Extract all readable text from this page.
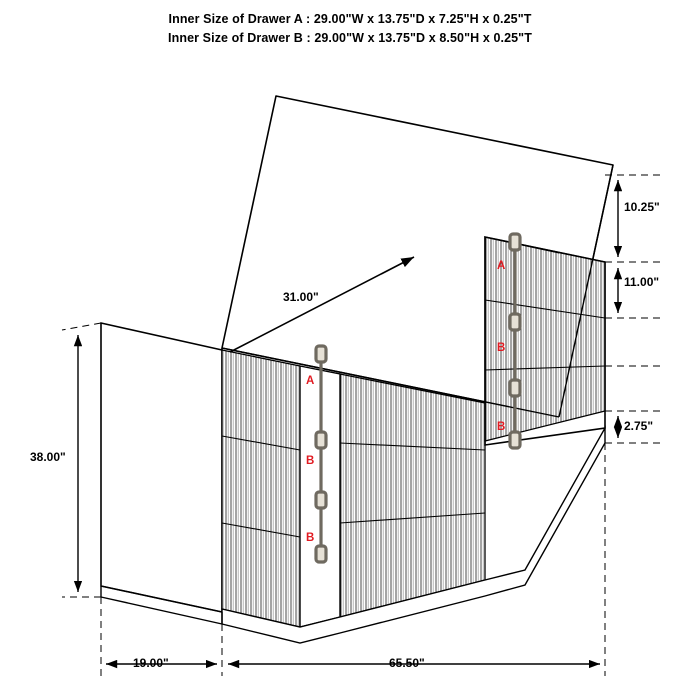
Inner Size of Drawer A : 29.00"W x 13.75"D x 7.25"H x 0.25"T
Inner Size of Drawer B : 29.00"W x 13.75"D x 8.50"H x 0.25"T
10.25"
11.00"
2.75"
38.00"
19.00"	65.50"
31.00"
A
B
B
A
B
B
